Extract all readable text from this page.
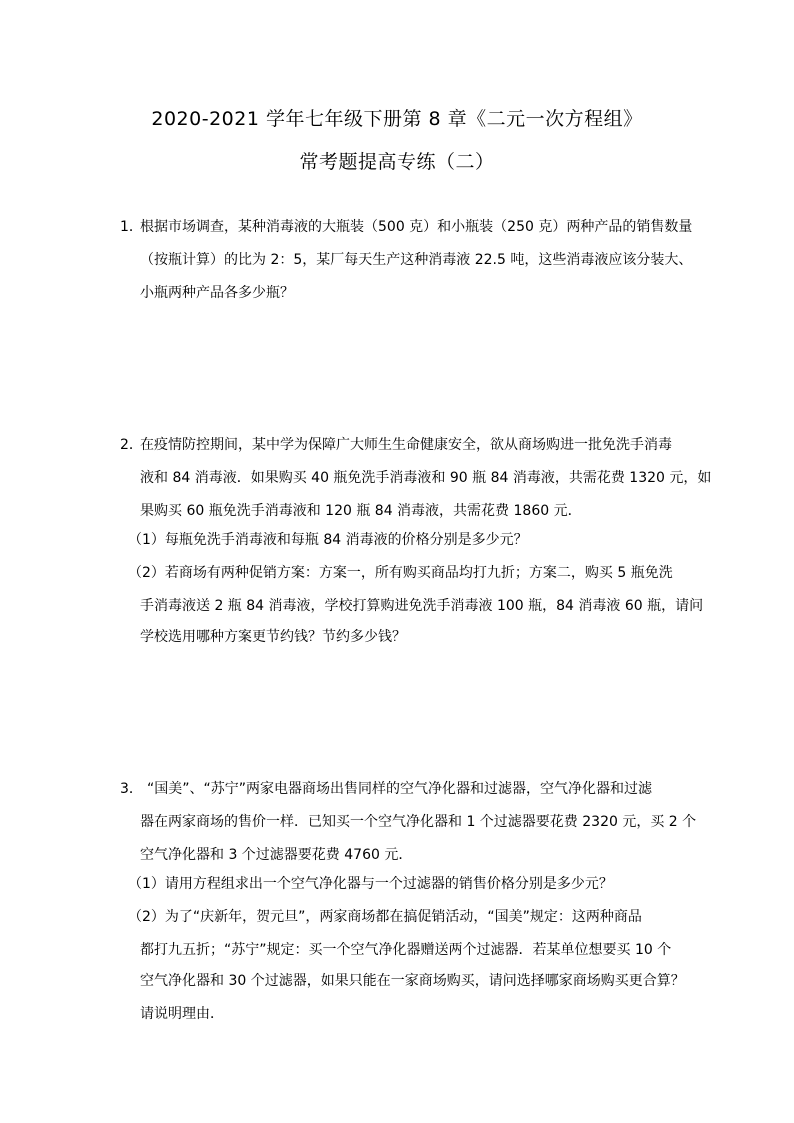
2020-2021 学年七年级下册第 8 章《二元一次方程组》
常考题提高专练（二）
1．
根据市场调查，某种消毒液的大瓶装（500 克）和小瓶装（250 克）两种产品的销售数量
（按瓶计算）的比为 2：5，某厂每天生产这种消毒液 22.5 吨，这些消毒液应该分装大、
小瓶两种产品各多少瓶？
2．
在疫情防控期间，某中学为保障广大师生生命健康安全，欲从商场购进一批免洗手消毒
液和 84 消毒液．如果购买 40 瓶免洗手消毒液和 90 瓶 84 消毒液，共需花费 1320 元，如
果购买 60 瓶免洗手消毒液和 120 瓶 84 消毒液，共需花费 1860 元．
（1）每瓶免洗手消毒液和每瓶 84 消毒液的价格分别是多少元？
（2）若商场有两种促销方案：方案一，所有购买商品均打九折；方案二，购买 5 瓶免洗
手消毒液送 2 瓶 84 消毒液，学校打算购进免洗手消毒液 100 瓶，84 消毒液 60 瓶，请问
学校选用哪种方案更节约钱？节约多少钱？
3． “国美”、“苏宁”两家电器商场出售同样的空气净化器和过滤器，空气净化器和过滤
器在两家商场的售价一样．已知买一个空气净化器和 1 个过滤器要花费 2320 元，买 2 个
空气净化器和 3 个过滤器要花费 4760 元．
（1）请用方程组求出一个空气净化器与一个过滤器的销售价格分别是多少元？
（2）为了“庆新年，贺元旦”，两家商场都在搞促销活动，“国美”规定：这两种商品
都打九五折；“苏宁”规定：买一个空气净化器赠送两个过滤器．若某单位想要买 10 个
空气净化器和 30 个过滤器，如果只能在一家商场购买，请问选择哪家商场购买更合算？
请说明理由．
